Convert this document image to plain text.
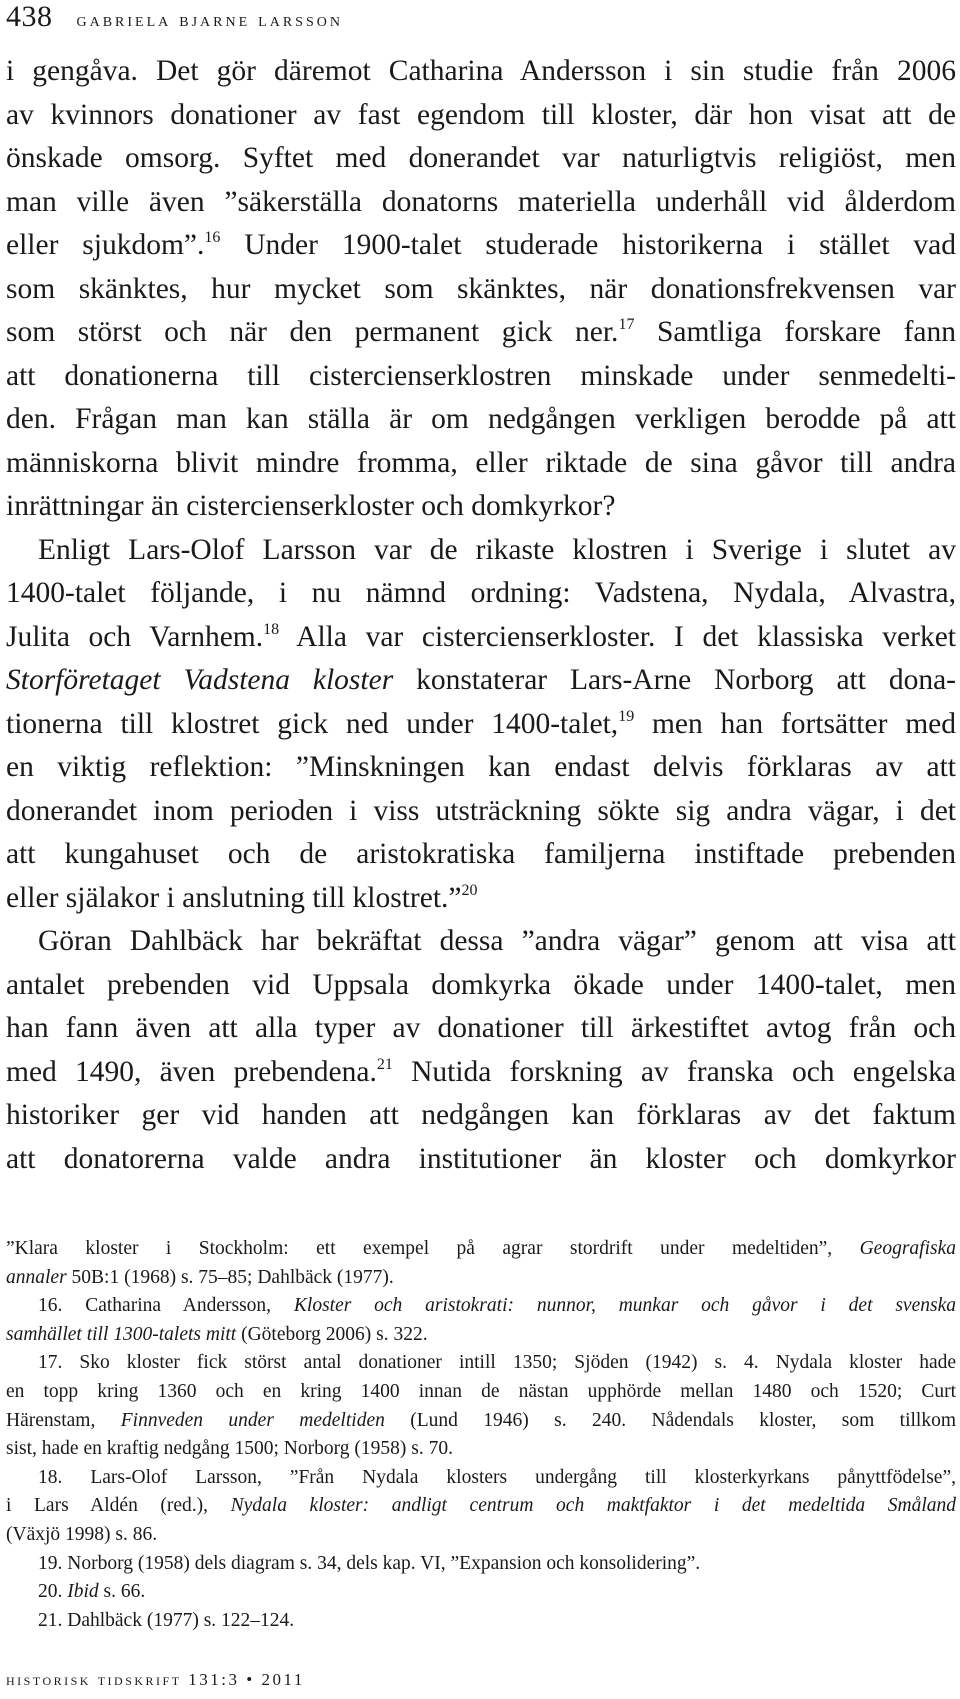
438 gabriela bjarne larsson

i gengåva. Det gör däremot Catharina Andersson i sin studie från 2006
av kvinnors donationer av fast egendom till kloster, där hon visat att de
önskade omsorg. Syftet med donerandet var naturligtvis religiöst, men
man ville även ”säkerställa donatorns materiella underhåll vid ålderdom
eller sjukdom”.$^{16}$ Under 1900-talet studerade historikerna i stället vad
som skänktes, hur mycket som skänktes, när donationsfrekvensen var
som störst och när den permanent gick ner.$^{17}$ Samtliga forskare fann
att donationerna till cistercienserklostren minskade under senmedelti-
den. Frågan man kan ställa är om nedgången verkligen berodde på att
människorna blivit mindre fromma, eller riktade de sina gåvor till andra
inrättningar än cistercienserkloster och domkyrkor?

Enligt Lars-Olof Larsson var de rikaste klostren i Sverige i slutet av
1400-talet följande, i nu nämnd ordning: Vadstena, Nydala, Alvastra,
Julita och Varnhem.$^{18}$ Alla var cistercienserkloster. I det klassiska verket
Storföretaget Vadstena kloster konstaterar Lars-Arne Norborg att dona-
tionerna till klostret gick ned under 1400-talet,$^{19}$ men han fortsätter med
en viktig reflektion: ”Minskningen kan endast delvis förklaras av att
donerandet inom perioden i viss utsträckning sökte sig andra vägar, i det
att kungahuset och de aristokratiska familjerna instiftade prebenden
eller själakor i anslutning till klostret.”$^{20}$

Göran Dahlbäck har bekräftat dessa ”andra vägar” genom att visa att
antalet prebenden vid Uppsala domkyrka ökade under 1400-talet, men
han fann även att alla typer av donationer till ärkestiftet avtog från och
med 1490, även prebendena.$^{21}$ Nutida forskning av franska och engelska
historiker ger vid handen att nedgången kan förklaras av det faktum
att donatorerna valde andra institutioner än kloster och domkyrkor

”Klara kloster i Stockholm: ett exempel på agrar stordrift under medeltiden”, Geografiska
annaler 50B:1 (1968) s. 75–85; Dahlbäck (1977).
16. Catharina Andersson, Kloster och aristokrati: nunnor, munkar och gåvor i det svenska
samhället till 1300-talets mitt (Göteborg 2006) s. 322.
17. Sko kloster fick störst antal donationer intill 1350; Sjöden (1942) s. 4. Nydala kloster hade
en topp kring 1360 och en kring 1400 innan de nästan upphörde mellan 1480 och 1520; Curt
Härenstam, Finnveden under medeltiden (Lund 1946) s. 240. Nådendals kloster, som tillkom
sist, hade en kraftig nedgång 1500; Norborg (1958) s. 70.
18. Lars-Olof Larsson, ”Från Nydala klosters undergång till klosterkyrkans pånyttfödelse”,
i Lars Aldén (red.), Nydala kloster: andligt centrum och maktfaktor i det medeltida Småland
(Växjö 1998) s. 86.
19. Norborg (1958) dels diagram s. 34, dels kap. VI, ”Expansion och konsolidering”.
20. Ibid s. 66.
21. Dahlbäck (1977) s. 122–124.
historisk tidskrift 131:3 • 2011
